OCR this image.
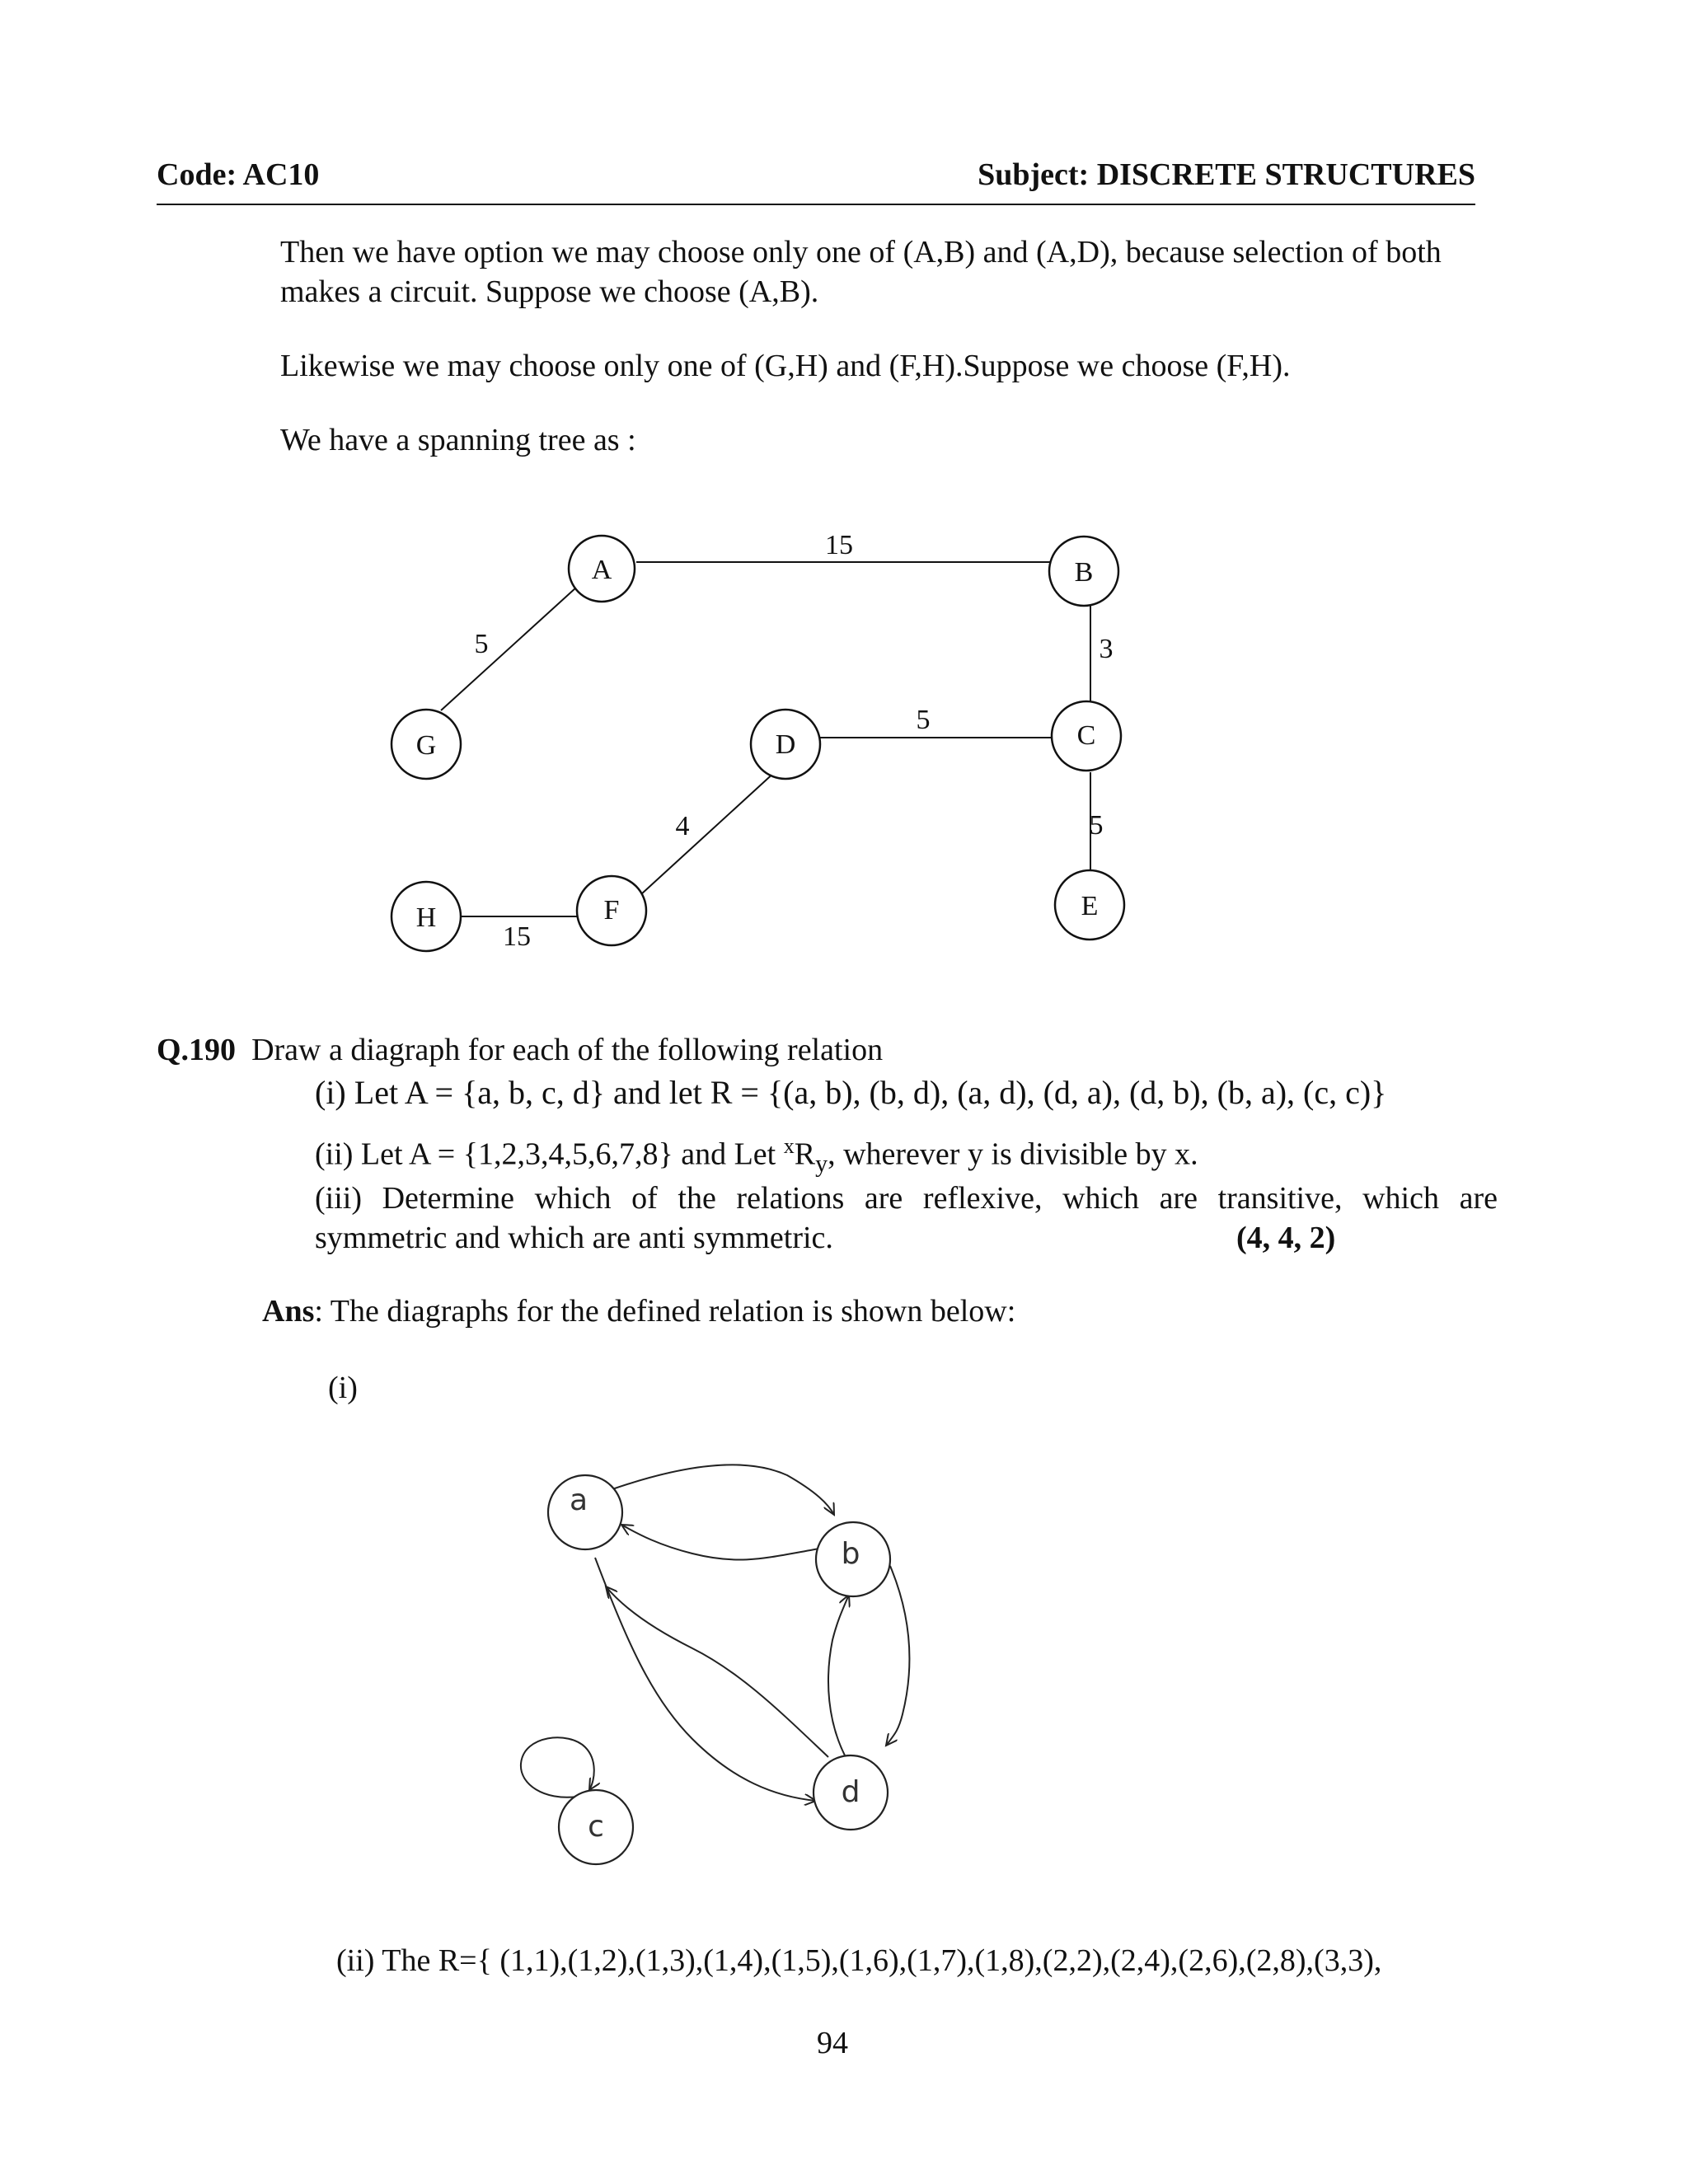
Code: AC10	Subject: DISCRETE STRUCTURES
Then we have option we may choose only one of (A,B) and (A,D), because selection of both
makes a circuit. Suppose we choose (A,B).
Likewise we may choose only one of (G,H) and (F,H).Suppose we choose (F,H).
We have a spanning tree as :
A	B
C
D
E
F
G
H
15
5	3
5
4	5
15
Q.190 Draw a diagraph for each of the following relation
(i) Let A = {a, b, c, d} and let R = {(a, b), (b, d), (a, d), (d, a), (d, b), (b, a), (c, c)}
(ii) Let A = {1,2,3,4,5,6,7,8} and Let $^xR_y$, wherever y is divisible by x.
(iii) Determine which of the relations are reflexive, which are transitive, which are
symmetric and which are anti symmetric.	(4, 4, 2)
Ans: The diagraphs for the defined relation is shown below:
(i)
a
b
c
d
(ii) The R={ (1,1),(1,2),(1,3),(1,4),(1,5),(1,6),(1,7),(1,8),(2,2),(2,4),(2,6),(2,8),(3,3),
94
